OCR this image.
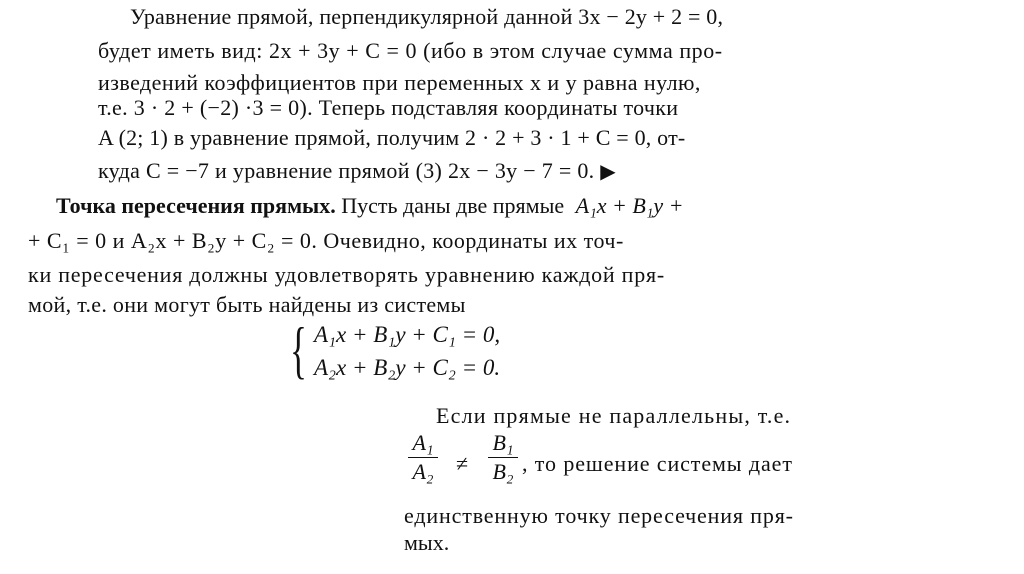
Уравнение прямой, перпендикулярной данной 3x − 2y + 2 = 0,
будет иметь вид: 2x + 3y + C = 0 (ибо в этом случае сумма про-
изведений коэффициентов при переменных x и y равна нулю,
т.е. 3 · 2 + (−2) ·3 = 0). Теперь подставляя координаты точки
A (2; 1) в уравнение прямой, получим 2 · 2 + 3 · 1 + C = 0, от-
куда C = −7 и уравнение прямой (3) 2x − 3y − 7 = 0. ▶
Точка пересечения прямых. Пусть даны две прямые A₁x + B₁y +
+ C₁ = 0 и A₂x + B₂y + C₂ = 0. Очевидно, координаты их точ-
ки пересечения должны удовлетворять уравнению каждой пря-
мой, т.е. они могут быть найдены из системы
{ A₁x + B₁y + C₁ = 0,
A₂x + B₂y + C₂ = 0.
Если прямые не параллельны, т.е.
A₁
A₂ ≠
B₁
B₂ , то решение системы дает
единственную точку пересечения пря-
мых.
